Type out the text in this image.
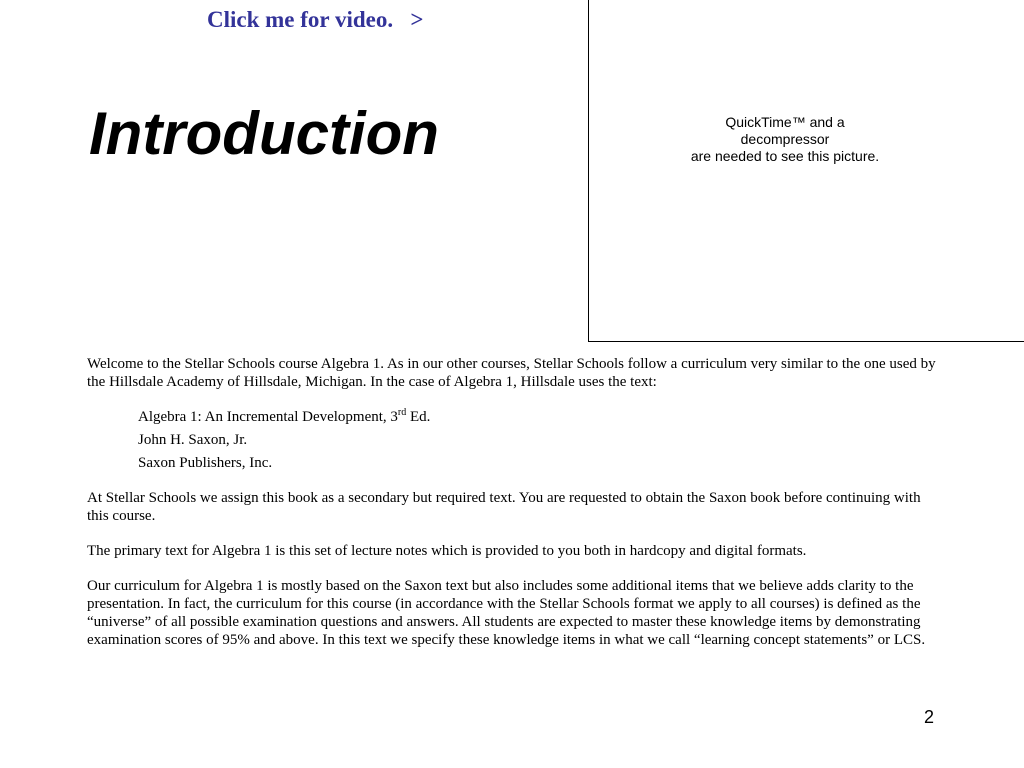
Click me for video.   >
Introduction	QuickTime™ and a
decompressor
are needed to see this picture.

Welcome to the Stellar Schools course Algebra 1. As in our other courses, Stellar Schools follow a curriculum very similar to the one used by the Hillsdale Academy of Hillsdale, Michigan. In the case of Algebra 1, Hillsdale uses the text:

Algebra 1: An Incremental Development, 3rd Ed.
John H. Saxon, Jr.
Saxon Publishers, Inc.

At Stellar Schools we assign this book as a secondary but required text. You are requested to obtain the Saxon book before continuing with this course.

The primary text for Algebra 1 is this set of lecture notes which is provided to you both in hardcopy and digital formats.

Our curriculum for Algebra 1 is mostly based on the Saxon text but also includes some additional items that we believe adds clarity to the presentation. In fact, the curriculum for this course (in accordance with the Stellar Schools format we apply to all courses) is defined as the “universe” of all possible examination questions and answers. All students are expected to master these knowledge items by demonstrating examination scores of 95% and above. In this text we specify these knowledge items in what we call “learning concept statements” or LCS.

2
